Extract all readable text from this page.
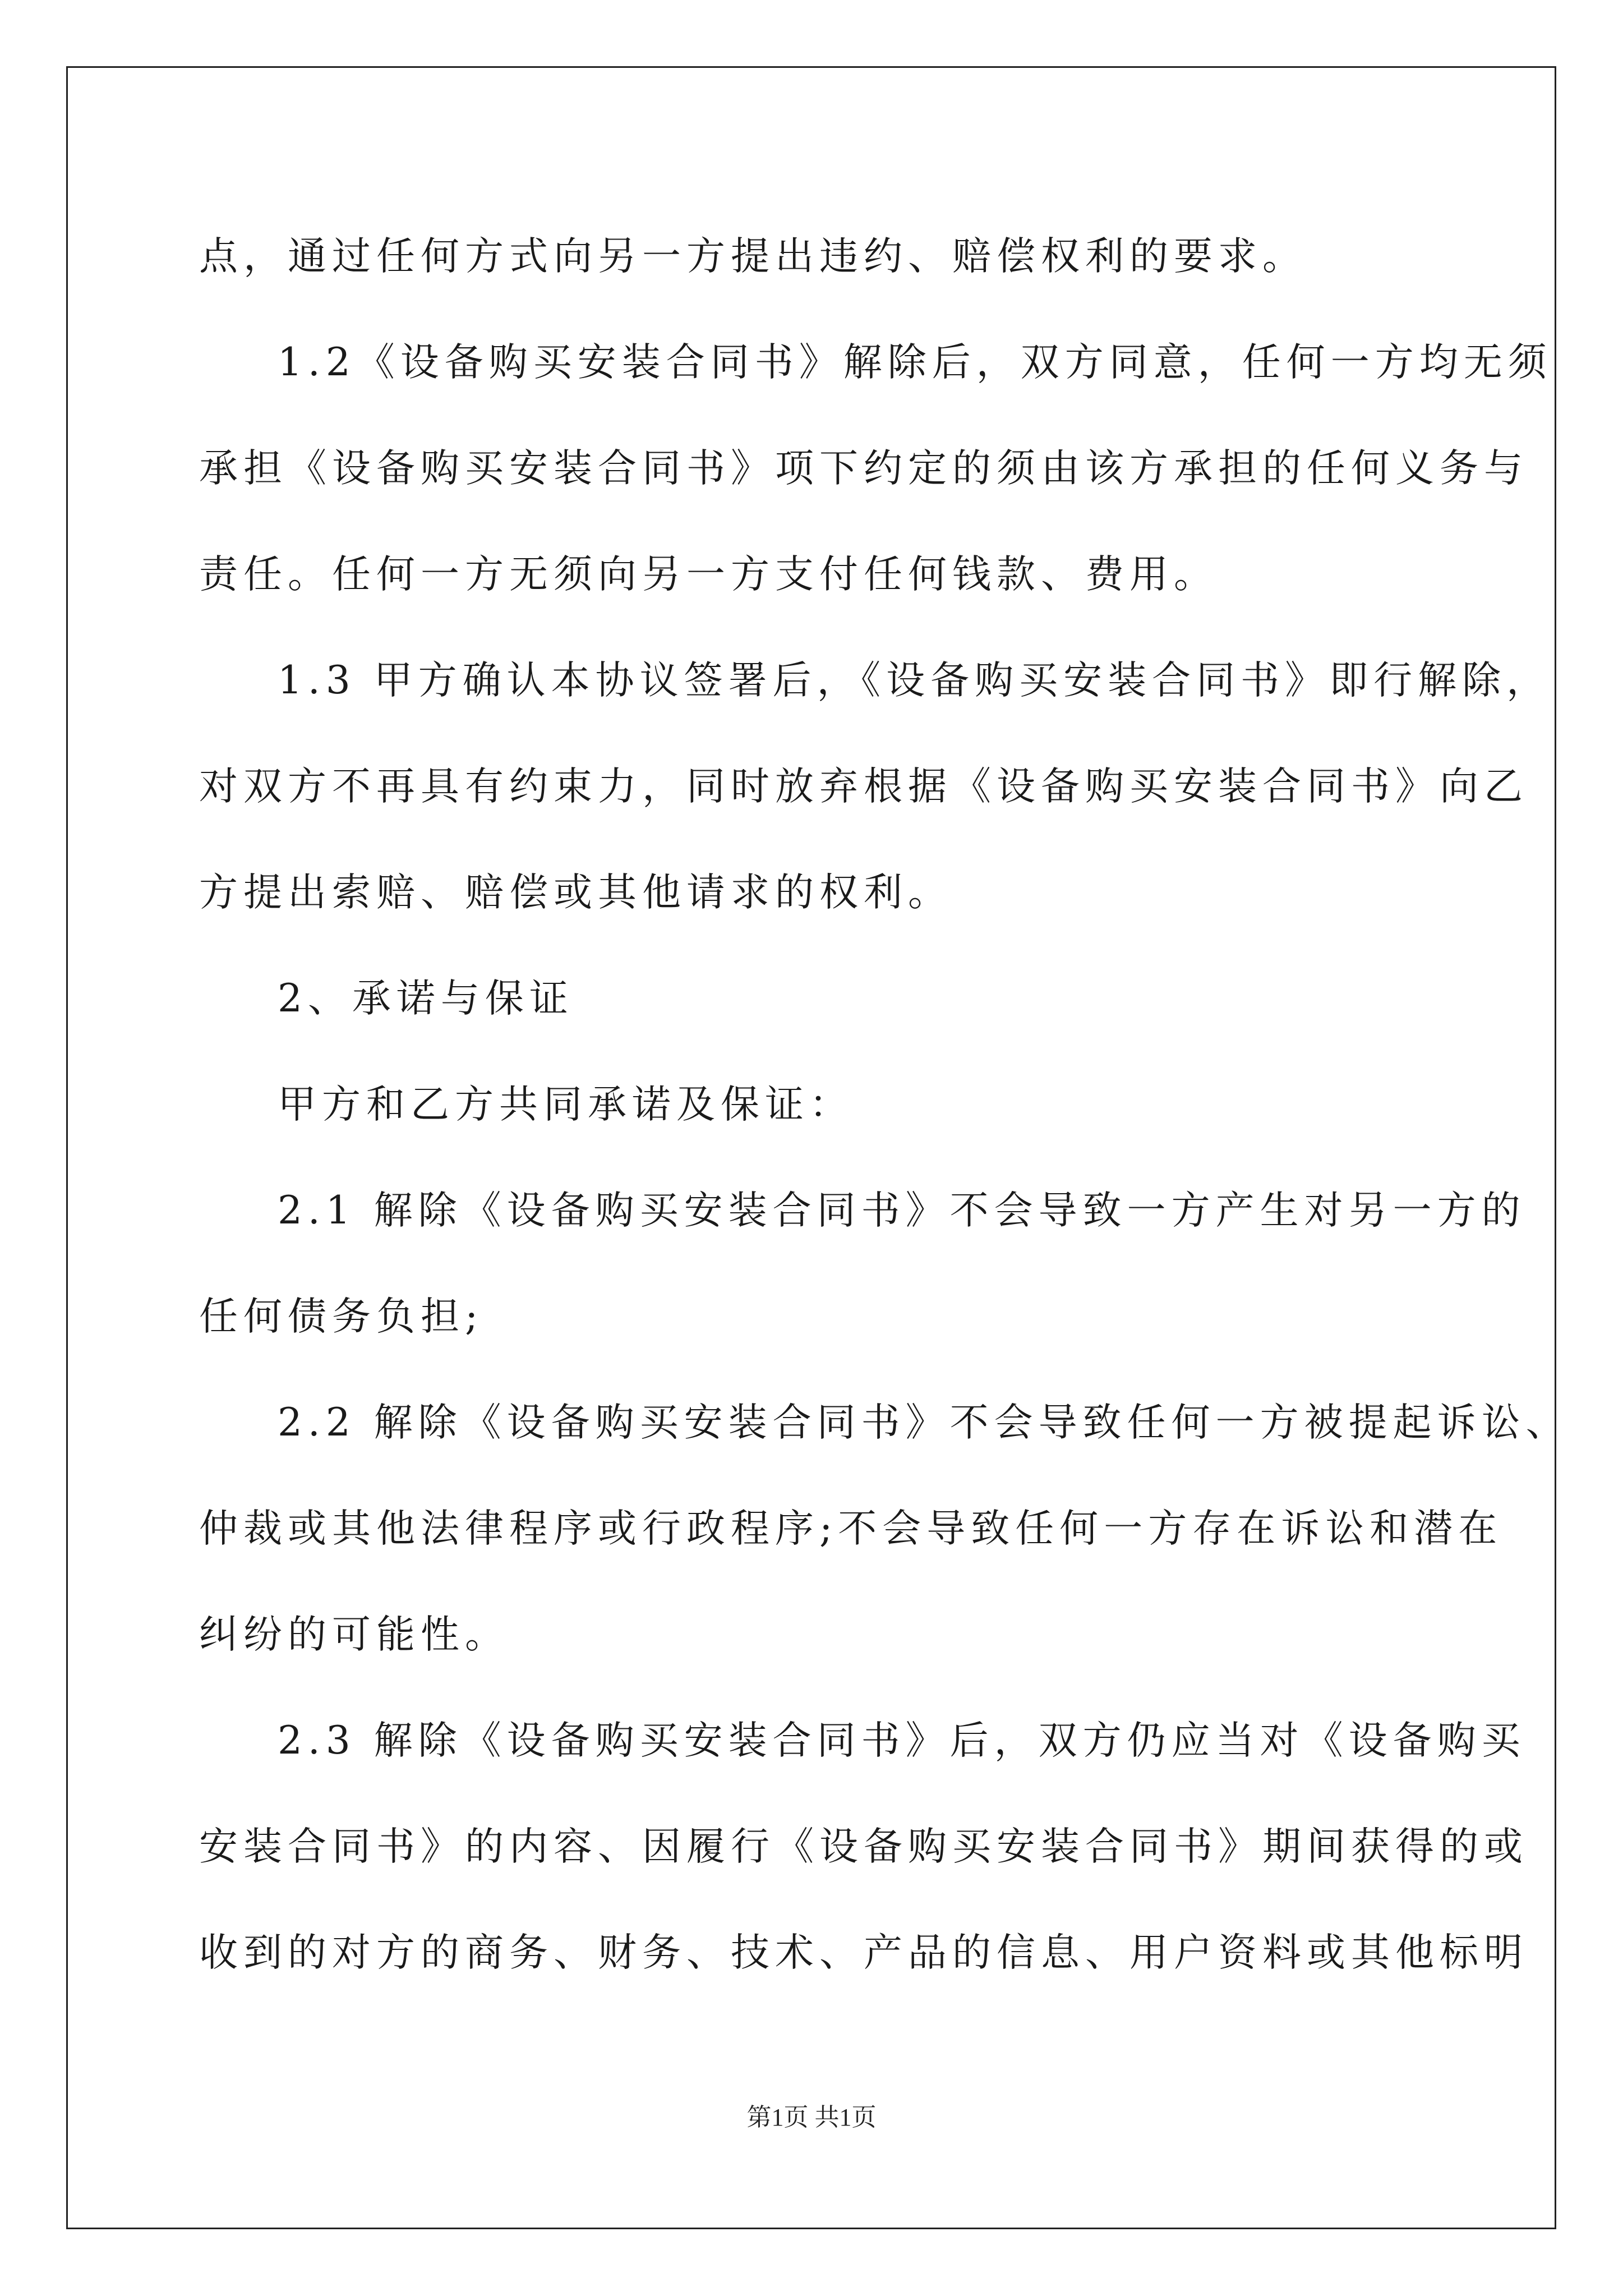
点，通过任何方式向另一方提出违约、赔偿权利的要求。
1.2《设备购买安装合同书》解除后，双方同意，任何一方均无须
承担《设备购买安装合同书》项下约定的须由该方承担的任何义务与
责任。任何一方无须向另一方支付任何钱款、费用。
1.3 甲方确认本协议签署后，《设备购买安装合同书》即行解除，
对双方不再具有约束力，同时放弃根据《设备购买安装合同书》向乙
方提出索赔、赔偿或其他请求的权利。
2、承诺与保证
甲方和乙方共同承诺及保证：
2.1 解除《设备购买安装合同书》不会导致一方产生对另一方的
任何债务负担;
2.2 解除《设备购买安装合同书》不会导致任何一方被提起诉讼、
仲裁或其他法律程序或行政程序;不会导致任何一方存在诉讼和潜在
纠纷的可能性。
2.3 解除《设备购买安装合同书》后，双方仍应当对《设备购买
安装合同书》的内容、因履行《设备购买安装合同书》期间获得的或
收到的对方的商务、财务、技术、产品的信息、用户资料或其他标明
第1页 共1页
